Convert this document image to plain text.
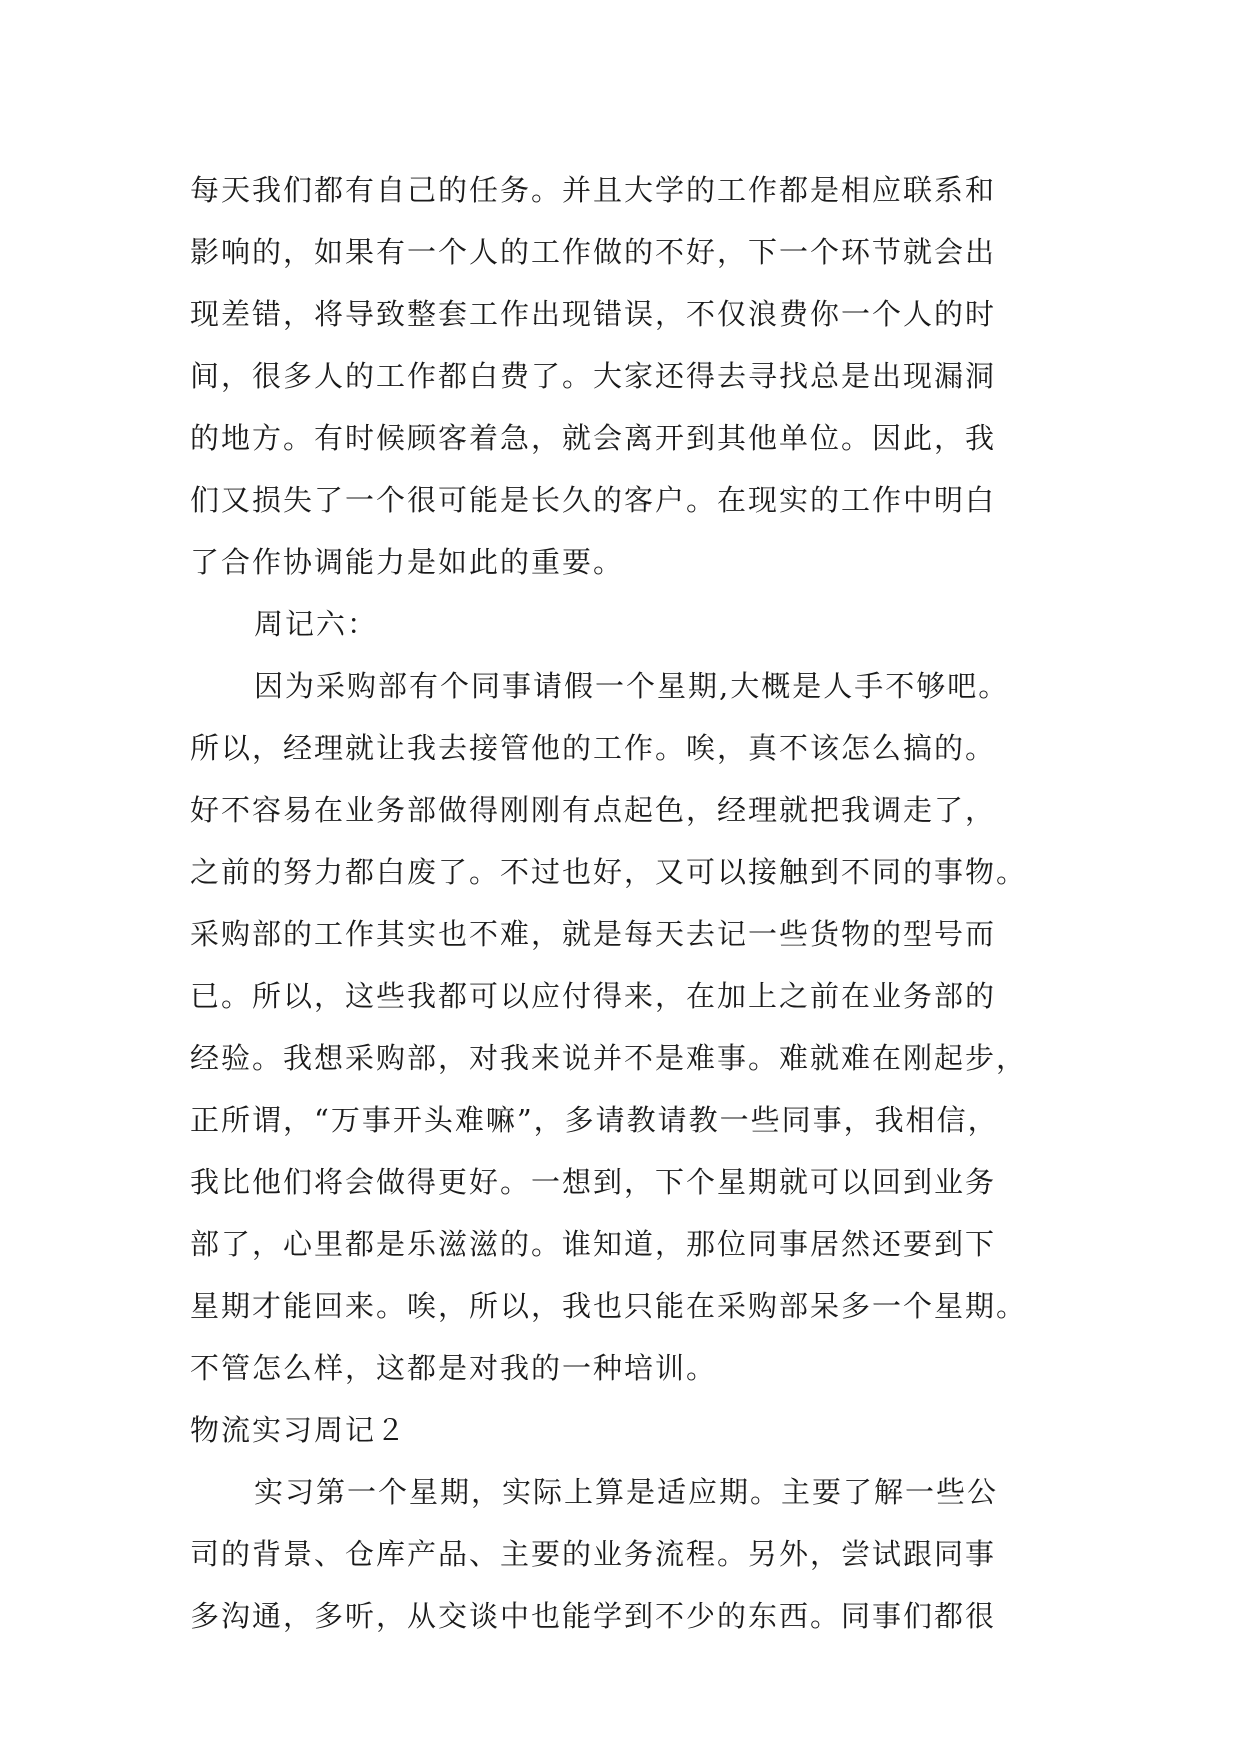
每天我们都有自己的任务。并且大学的工作都是相应联系和
影响的，如果有一个人的工作做的不好，下一个环节就会出
现差错，将导致整套工作出现错误，不仅浪费你一个人的时
间，很多人的工作都白费了。大家还得去寻找总是出现漏洞
的地方。有时候顾客着急，就会离开到其他单位。因此，我
们又损失了一个很可能是长久的客户。在现实的工作中明白
了合作协调能力是如此的重要。
周记六：
因为采购部有个同事请假一个星期,大概是人手不够吧。
所以，经理就让我去接管他的工作。唉，真不该怎么搞的。
好不容易在业务部做得刚刚有点起色，经理就把我调走了，
之前的努力都白废了。不过也好，又可以接触到不同的事物。
采购部的工作其实也不难，就是每天去记一些货物的型号而
已。所以，这些我都可以应付得来，在加上之前在业务部的
经验。我想采购部，对我来说并不是难事。难就难在刚起步，
正所谓，“万事开头难嘛”，多请教请教一些同事，我相信，
我比他们将会做得更好。一想到，下个星期就可以回到业务
部了，心里都是乐滋滋的。谁知道，那位同事居然还要到下
星期才能回来。唉，所以，我也只能在采购部呆多一个星期。
不管怎么样，这都是对我的一种培训。
物流实习周记２
实习第一个星期，实际上算是适应期。主要了解一些公
司的背景、仓库产品、主要的业务流程。另外，尝试跟同事
多沟通，多听，从交谈中也能学到不少的东西。同事们都很
